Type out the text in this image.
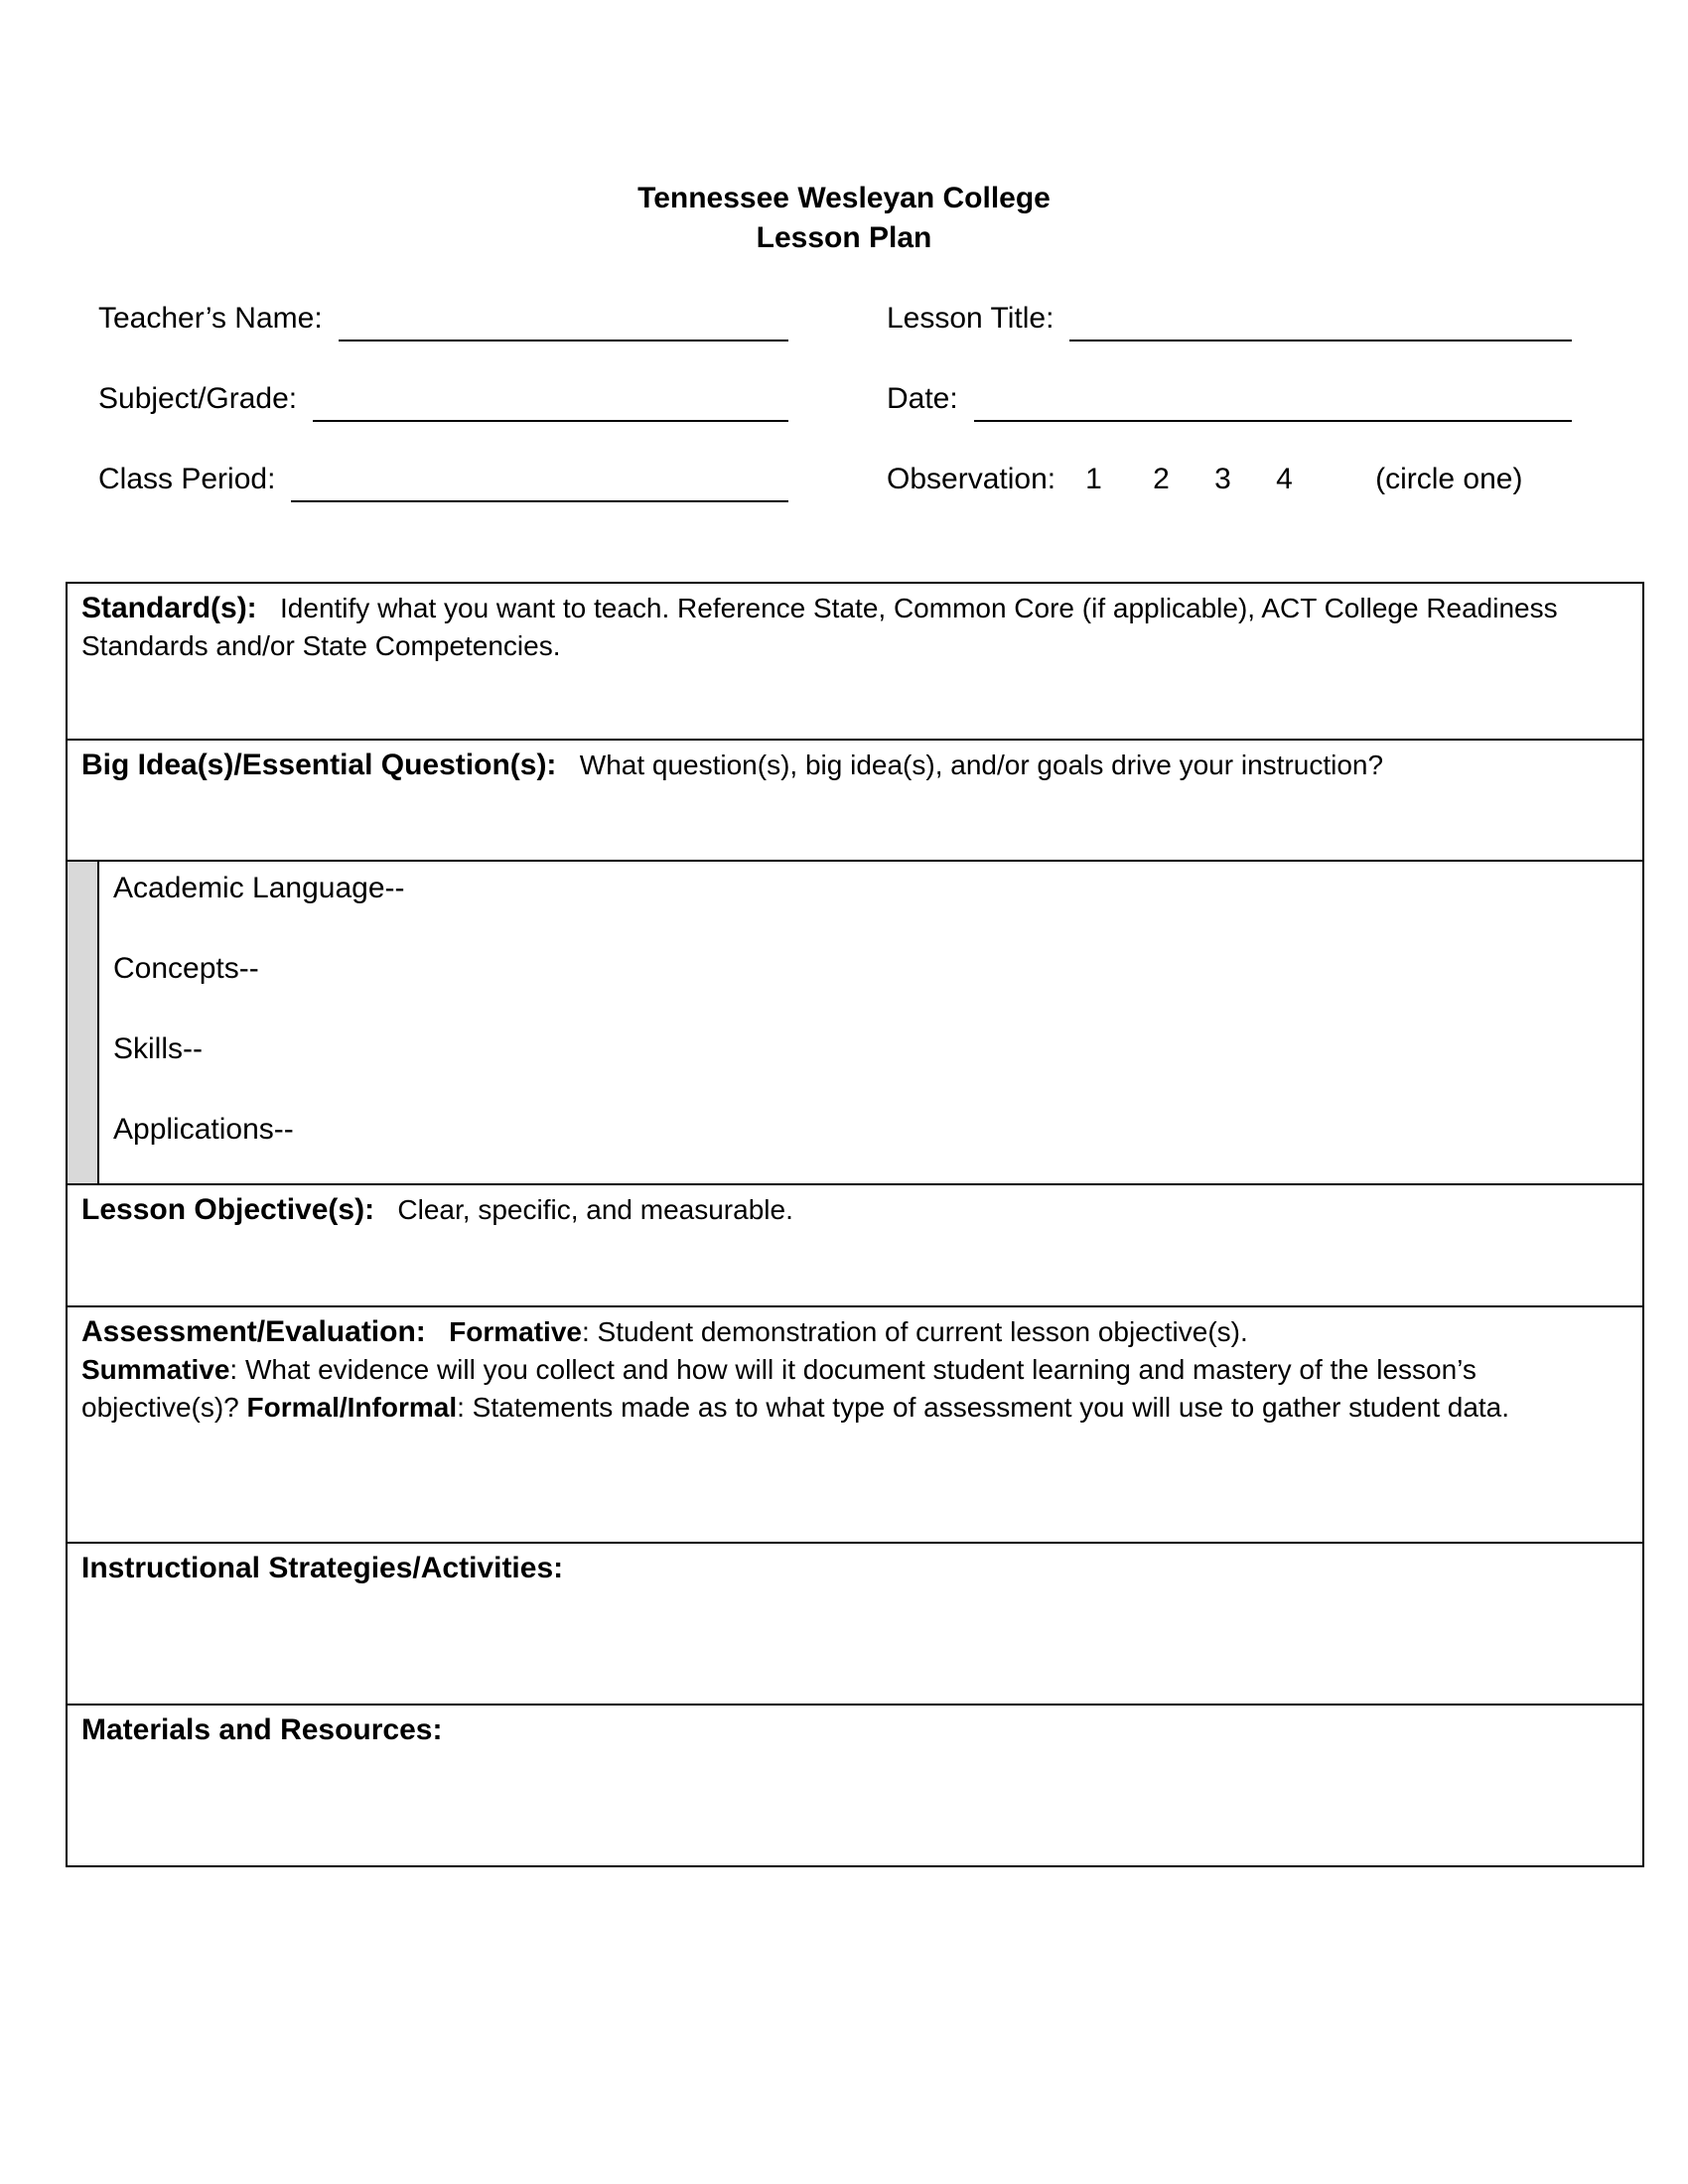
Tennessee Wesleyan College
Lesson Plan
Teacher’s Name:
Subject/Grade:
Class Period:
Lesson Title:
Date:
Observation: 1	2	3	4	(circle one)
Standard(s): Identify what you want to teach. Reference State, Common Core (if applicable), ACT College Readiness Standards and/or State Competencies.
Big Idea(s)/Essential Question(s): What question(s), big idea(s), and/or goals drive your instruction?
Academic Language--
Concepts--
Skills--
Applications--
Lesson Objective(s): Clear, specific, and measurable.
Assessment/Evaluation: Formative: Student demonstration of current lesson objective(s).
Summative: What evidence will you collect and how will it document student learning and mastery of the lesson’s objective(s)? Formal/Informal: Statements made as to what type of assessment you will use to gather student data.
Instructional Strategies/Activities:
Materials and Resources:
